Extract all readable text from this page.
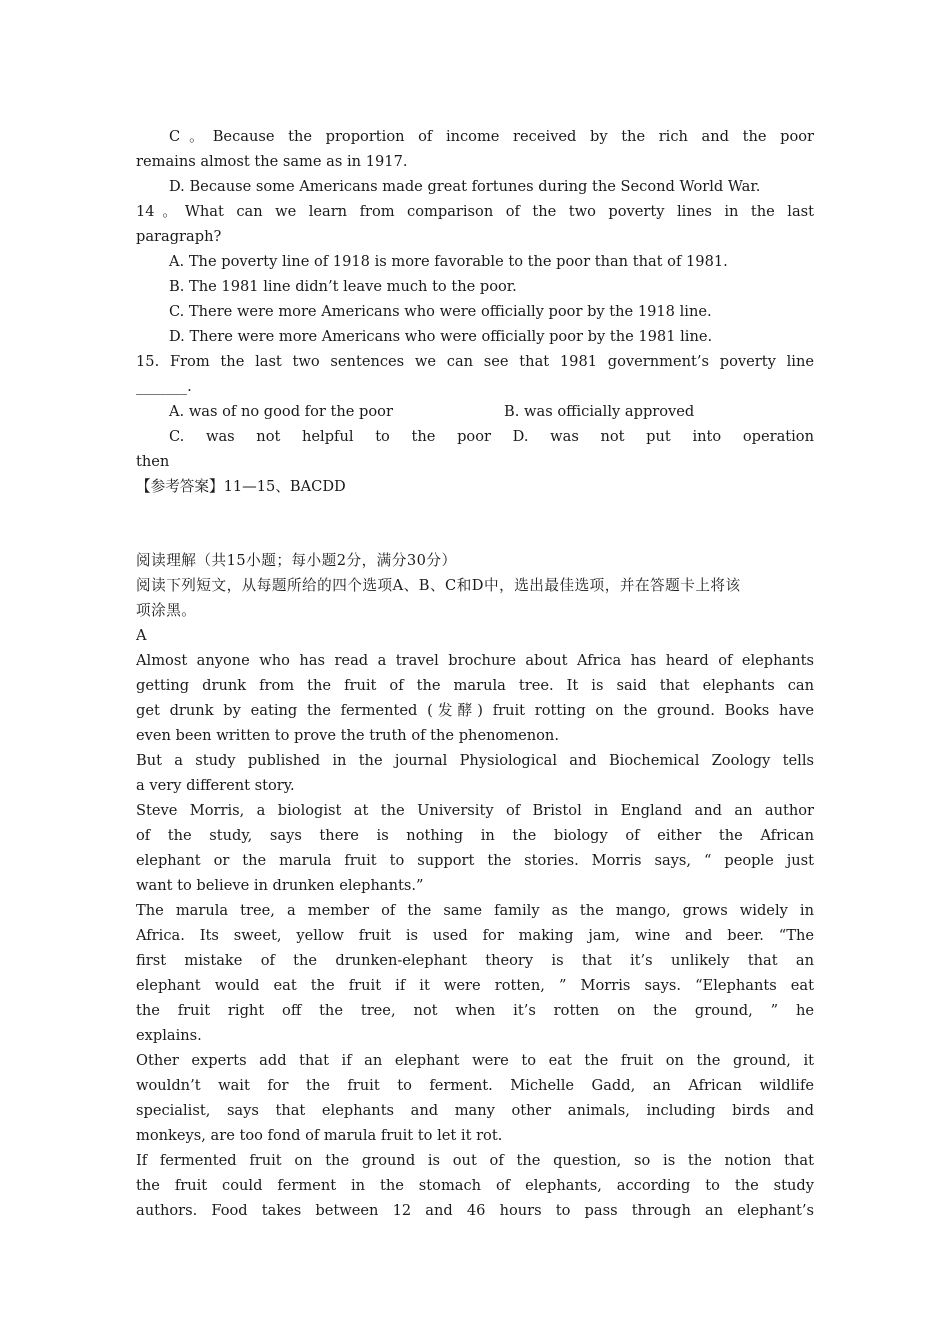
C。Because the proportion of income received by the rich and the poor
remains almost the same as in 1917.
D. Because some Americans made great fortunes during the Second World War.
14。What can we learn from comparison of the two poverty lines in the last
paragraph?
A. The poverty line of 1918 is more favorable to the poor than that of 1981.
B. The 1981 line didn’t leave much to the poor.
C. There were more Americans who were officially poor by the 1918 line.
D. There were more Americans who were officially poor by the 1981 line.
15. From the last two sentences we can see that 1981 government’s poverty line
_______.
A. was of no good for the poor	B. was officially approved
C. was not helpful to the poor D. was not put into operation
then
【参考答案】11—15、BACDD
阅读理解（共15小题；每小题2分，满分30分）
阅读下列短文，从每题所给的四个选项A、B、C和D中，选出最佳选项，并在答题卡上将该
项涂黑。
A
Almost anyone who has read a travel brochure about Africa has heard of elephants
getting drunk from the fruit of the marula tree. It is said that elephants can
get drunk by eating the fermented (发酵) fruit rotting on the ground. Books have
even been written to prove the truth of the phenomenon.
But a study published in the journal Physiological and Biochemical Zoology tells
a very different story.
Steve Morris, a biologist at the University of Bristol in England and an author
of the study, says there is nothing in the biology of either the African
elephant or the marula fruit to support the stories. Morris says, “ people just
want to believe in drunken elephants.”
The marula tree, a member of the same family as the mango, grows widely in
Africa. Its sweet, yellow fruit is used for making jam, wine and beer. “The
first mistake of the drunken-elephant theory is that it’s unlikely that an
elephant would eat the fruit if it were rotten, ” Morris says. “Elephants eat
the fruit right off the tree, not when it’s rotten on the ground, ” he
explains.
Other experts add that if an elephant were to eat the fruit on the ground, it
wouldn’t wait for the fruit to ferment. Michelle Gadd, an African wildlife
specialist, says that elephants and many other animals, including birds and
monkeys, are too fond of marula fruit to let it rot.
If fermented fruit on the ground is out of the question, so is the notion that
the fruit could ferment in the stomach of elephants, according to the study
authors. Food takes between 12 and 46 hours to pass through an elephant’s
